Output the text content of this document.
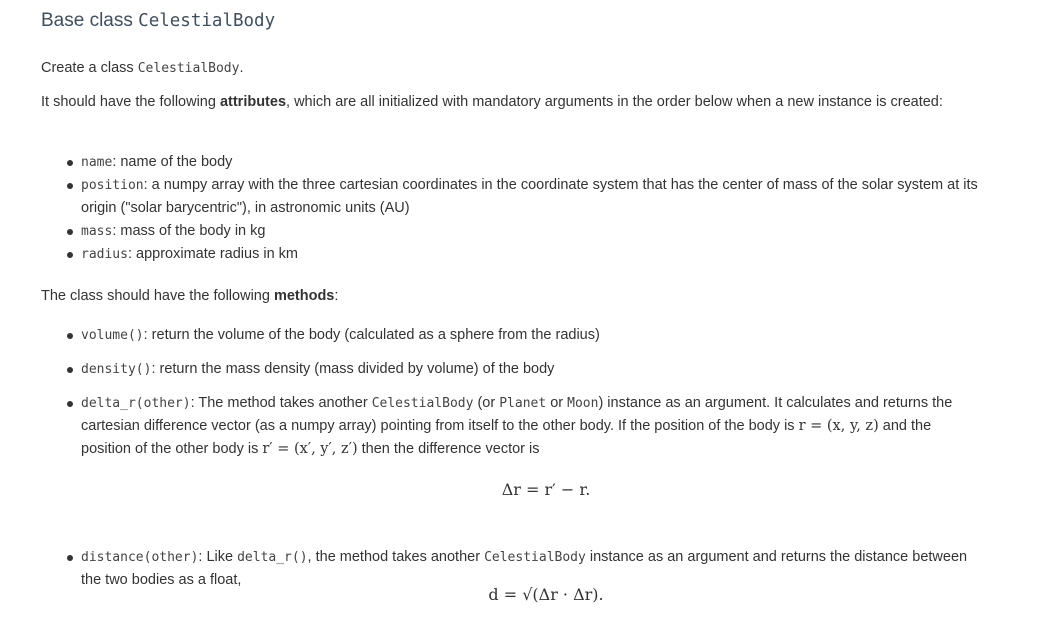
Base class CelestialBody

Create a class CelestialBody.

It should have the following attributes, which are all initialized with mandatory arguments in the order below when a new instance is created:

name: name of the body
position: a numpy array with the three cartesian coordinates in the coordinate system that has the center of mass of the solar system at its origin ("solar barycentric"), in astronomic units (AU)
mass: mass of the body in kg
radius: approximate radius in km

The class should have the following methods:

volume(): return the volume of the body (calculated as a sphere from the radius)
density(): return the mass density (mass divided by volume) of the body
delta_r(other): The method takes another CelestialBody (or Planet or Moon) instance as an argument. It calculates and returns the cartesian difference vector (as a numpy array) pointing from itself to the other body. If the position of the body is r = (x, y, z) and the position of the other body is r′ = (x′, y′, z′) then the difference vector is
distance(other): Like delta_r(), the method takes another CelestialBody instance as an argument and returns the distance between the two bodies as a float,
Δr = r′ − r.
d = √(Δr · Δr).
